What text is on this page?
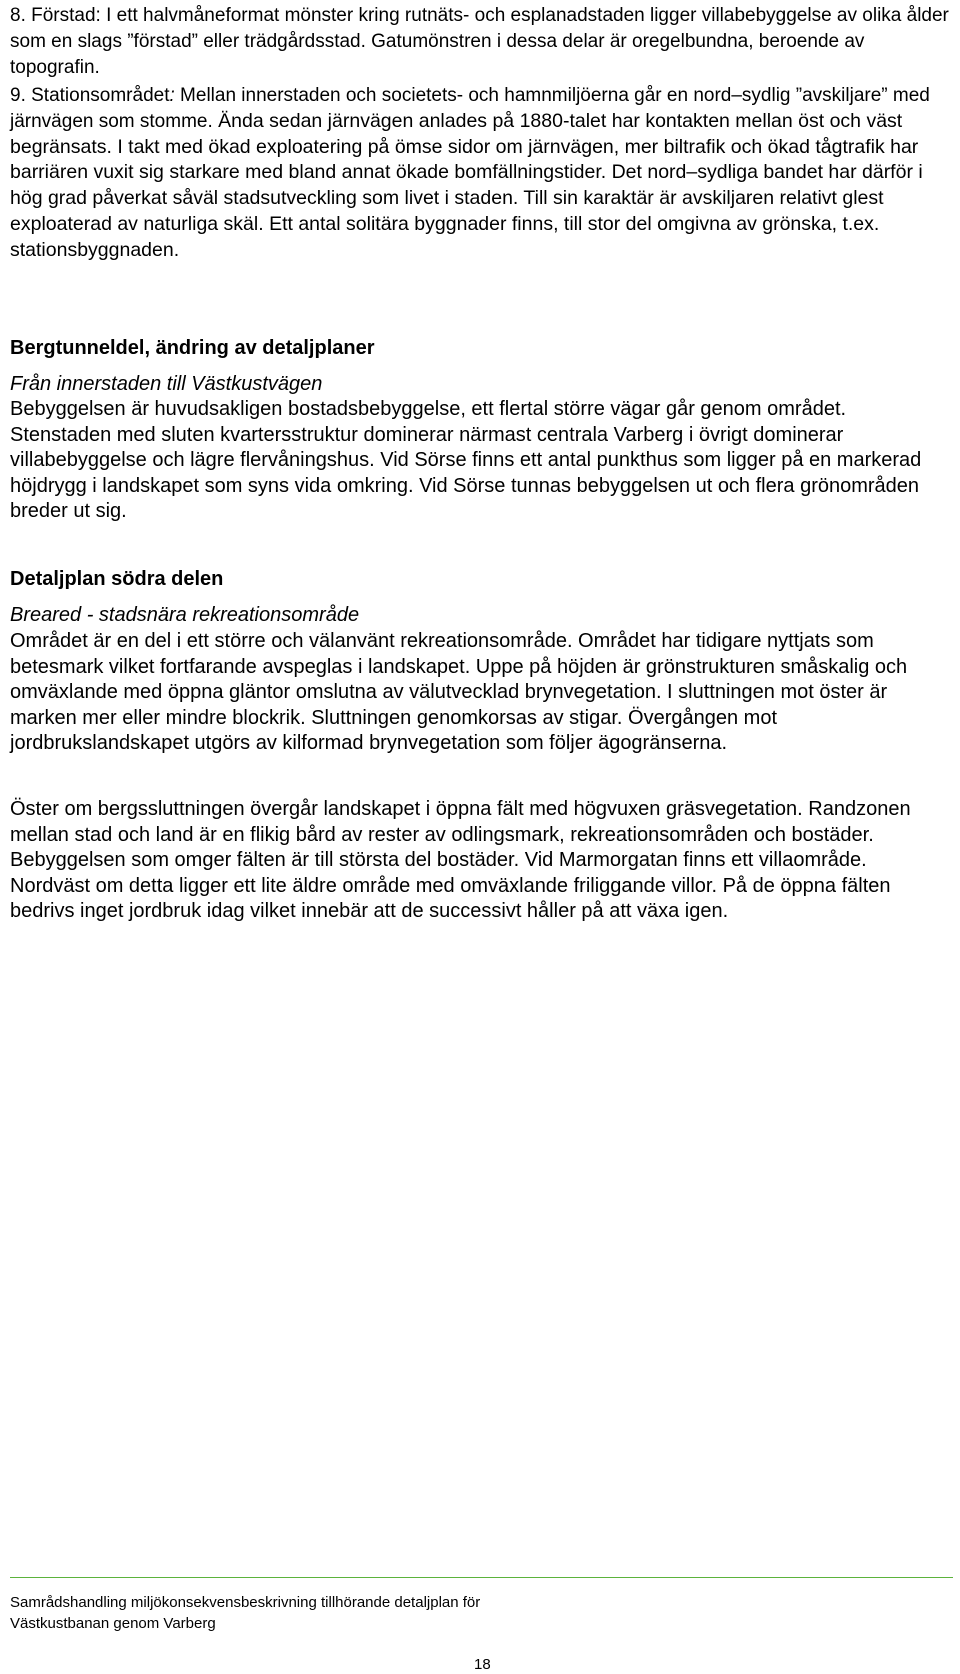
8. Förstad: I ett halvmåneformat mönster kring rutnäts- och esplanadstaden ligger villabebyggelse av olika ålder som en slags ”förstad” eller trädgårdsstad. Gatumönstren i dessa delar är oregelbundna, beroende av topografin.

9. Stationsområdet: Mellan innerstaden och societets- och hamnmiljöerna går en nord–sydlig ”avskiljare” med järnvägen som stomme. Ända sedan järnvägen anlades på 1880-talet har kontakten mellan öst och väst begränsats. I takt med ökad exploatering på ömse sidor om järnvägen, mer biltrafik och ökad tågtrafik har barriären vuxit sig starkare med bland annat ökade bomfällningstider. Det nord–sydliga bandet har därför i hög grad påverkat såväl stadsutveckling som livet i staden. Till sin karaktär är avskiljaren relativt glest exploaterad av naturliga skäl. Ett antal solitära byggnader finns, till stor del omgivna av grönska, t.ex. stationsbyggnaden.

Bergtunneldel, ändring av detaljplaner

Från innerstaden till Västkustvägen

Bebyggelsen är huvudsakligen bostadsbebyggelse, ett flertal större vägar går genom området. Stenstaden med sluten kvartersstruktur dominerar närmast centrala Varberg i övrigt dominerar villabebyggelse och lägre flervåningshus. Vid Sörse finns ett antal punkthus som ligger på en markerad höjdrygg i landskapet som syns vida omkring. Vid Sörse tunnas bebyggelsen ut och flera grönområden breder ut sig.

Detaljplan södra delen

Breared - stadsnära rekreationsområde

Området är en del i ett större och välanvänt rekreationsområde. Området har tidigare nyttjats som betesmark vilket fortfarande avspeglas i landskapet. Uppe på höjden är grönstrukturen småskalig och omväxlande med öppna gläntor omslutna av välutvecklad brynvegetation. I sluttningen mot öster är marken mer eller mindre blockrik. Sluttningen genomkorsas av stigar. Övergången mot jordbrukslandskapet utgörs av kilformad brynvegetation som följer ägogränserna.

Öster om bergssluttningen övergår landskapet i öppna fält med högvuxen gräsvegetation. Randzonen mellan stad och land är en flikig bård av rester av odlingsmark, rekreationsområden och bostäder. Bebyggelsen som omger fälten är till största del bostäder. Vid Marmorgatan finns ett villaområde. Nordväst om detta ligger ett lite äldre område med omväxlande friliggande villor. På de öppna fälten bedrivs inget jordbruk idag vilket innebär att de successivt håller på att växa igen.

Samrådshandling miljökonsekvensbeskrivning tillhörande detaljplan för
Västkustbanan genom Varberg
18
